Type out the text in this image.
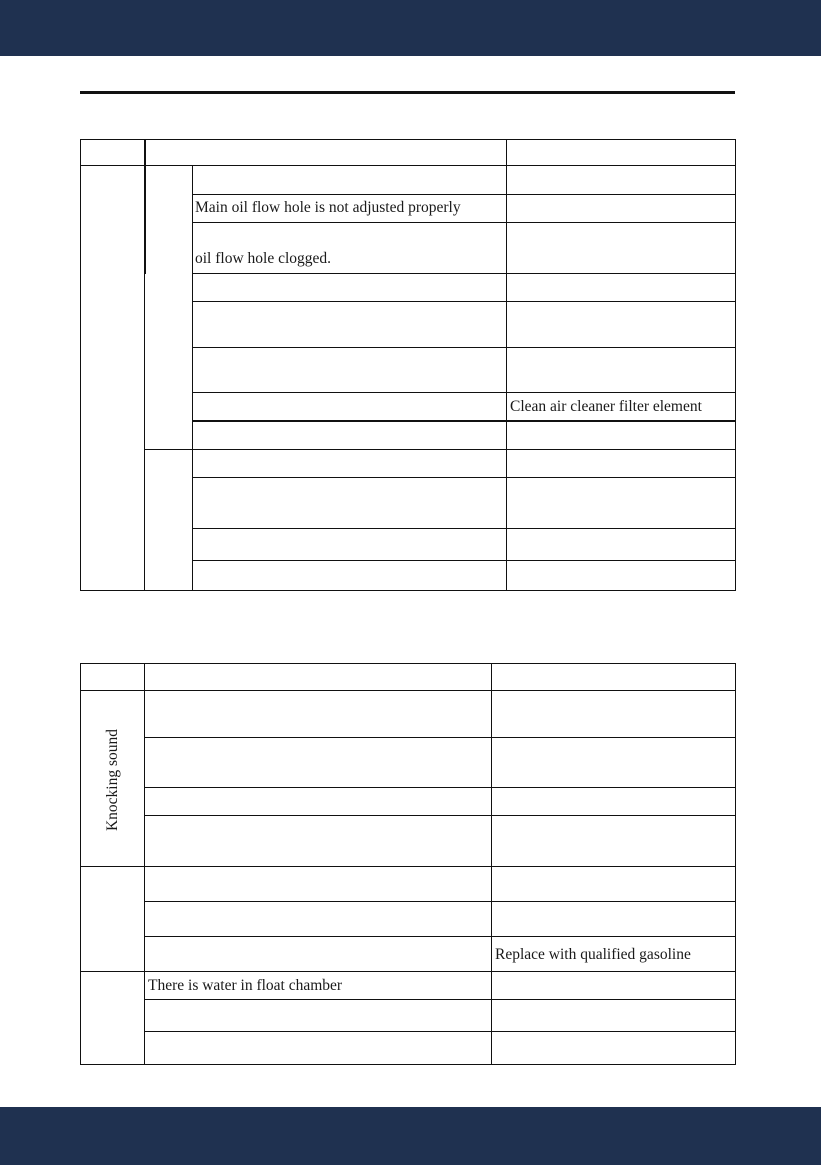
Main oil flow hole is not adjusted properly
oil flow hole clogged.
Clean air cleaner filter element
Knocking sound
Replace with qualified gasoline
There is water in float chamber
